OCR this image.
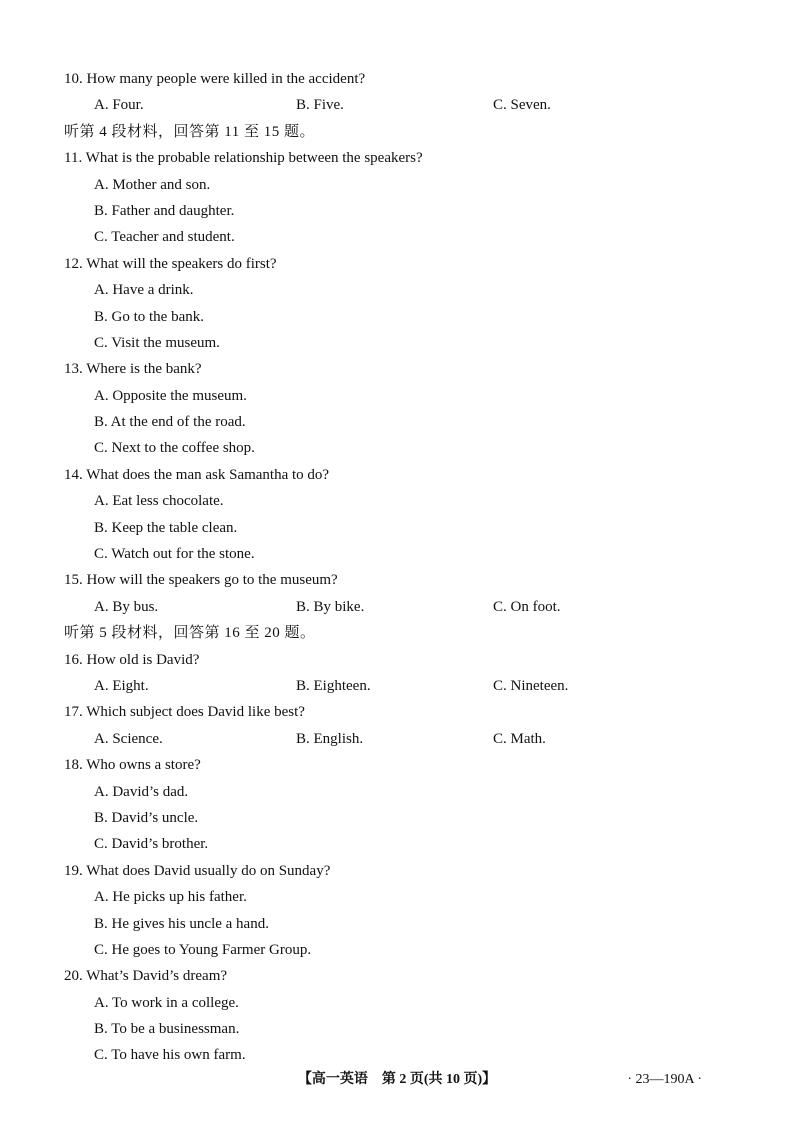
10. How many people were killed in the accident?
A. Four.	B. Five.	C. Seven.
听第 4 段材料，回答第 11 至 15 题。
11. What is the probable relationship between the speakers?
A. Mother and son.
B. Father and daughter.
C. Teacher and student.
12. What will the speakers do first?
A. Have a drink.
B. Go to the bank.
C. Visit the museum.
13. Where is the bank?
A. Opposite the museum.
B. At the end of the road.
C. Next to the coffee shop.
14. What does the man ask Samantha to do?
A. Eat less chocolate.
B. Keep the table clean.
C. Watch out for the stone.
15. How will the speakers go to the museum?
A. By bus.	B. By bike.	C. On foot.
听第 5 段材料，回答第 16 至 20 题。
16. How old is David?
A. Eight.	B. Eighteen.	C. Nineteen.
17. Which subject does David like best?
A. Science.	B. English.	C. Math.
18. Who owns a store?
A. David’s dad.
B. David’s uncle.
C. David’s brother.
19. What does David usually do on Sunday?
A. He picks up his father.
B. He gives his uncle a hand.
C. He goes to Young Farmer Group.
20. What’s David’s dream?
A. To work in a college.
B. To be a businessman.
C. To have his own farm.
【高一英语　第 2 页(共 10 页)】	· 23—190A ·
